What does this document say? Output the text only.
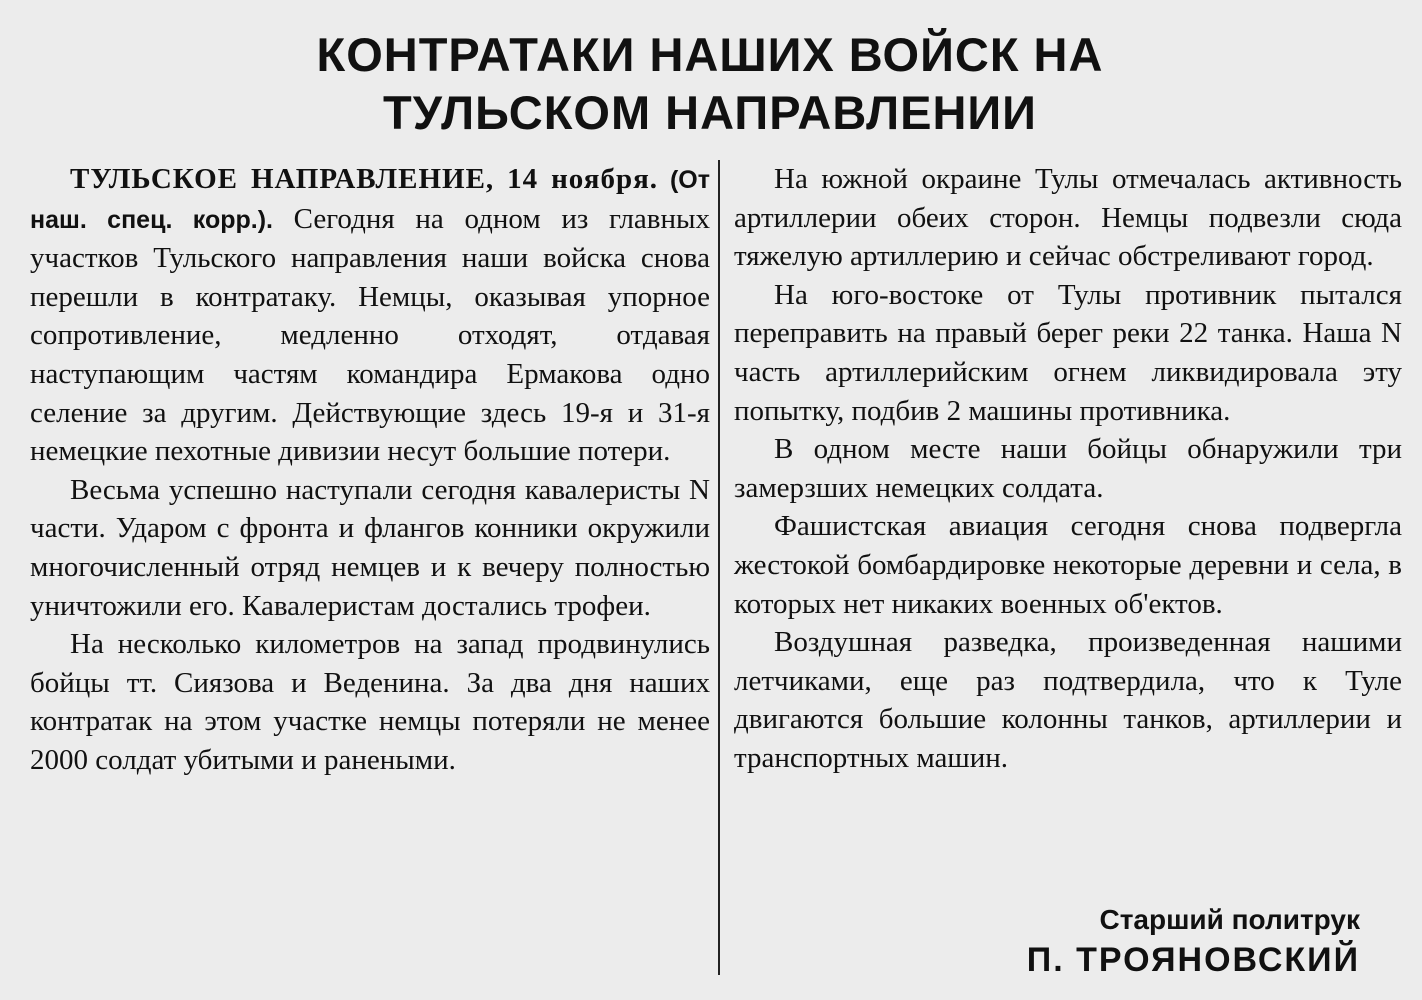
КОНТРАТАКИ НАШИХ ВОЙСК НА
ТУЛЬСКОМ НАПРАВЛЕНИИ

ТУЛЬСКОЕ НАПРАВЛЕНИЕ, 14 ноября. (От наш. спец. корр.). Сегодня на одном из главных участков Тульского направления наши войска снова перешли в контратаку. Немцы, оказывая упорное сопротивление, медленно отходят, отдавая наступающим частям командира Ермакова одно селение за другим. Действующие здесь 19-я и 31-я немецкие пехотные дивизии несут большие потери.

Весьма успешно наступали сегодня кавалеристы N части. Ударом с фронта и флангов конники окружили многочисленный отряд немцев и к вечеру полностью уничтожили его. Кавалеристам достались трофеи.

На несколько километров на запад продвинулись бойцы тт. Сиязова и Веденина. За два дня наших контратак на этом участке немцы потеряли не менее 2000 солдат убитыми и ранеными.

На южной окраине Тулы отмечалась активность артиллерии обеих сторон. Немцы подвезли сюда тяжелую артиллерию и сейчас обстреливают город.

На юго-востоке от Тулы противник пытался переправить на правый берег реки 22 танка. Наша N часть артиллерийским огнем ликвидировала эту попытку, подбив 2 машины противника.

В одном месте наши бойцы обнаружили три замерзших немецких солдата.

Фашистская авиация сегодня снова подвергла жестокой бомбардировке некоторые деревни и села, в которых нет никаких военных об'ектов.

Воздушная разведка, произведенная нашими летчиками, еще раз подтвердила, что к Туле двигаются большие колонны танков, артиллерии и транспортных машин.

Старший политрук
П. ТРОЯНОВСКИЙ
